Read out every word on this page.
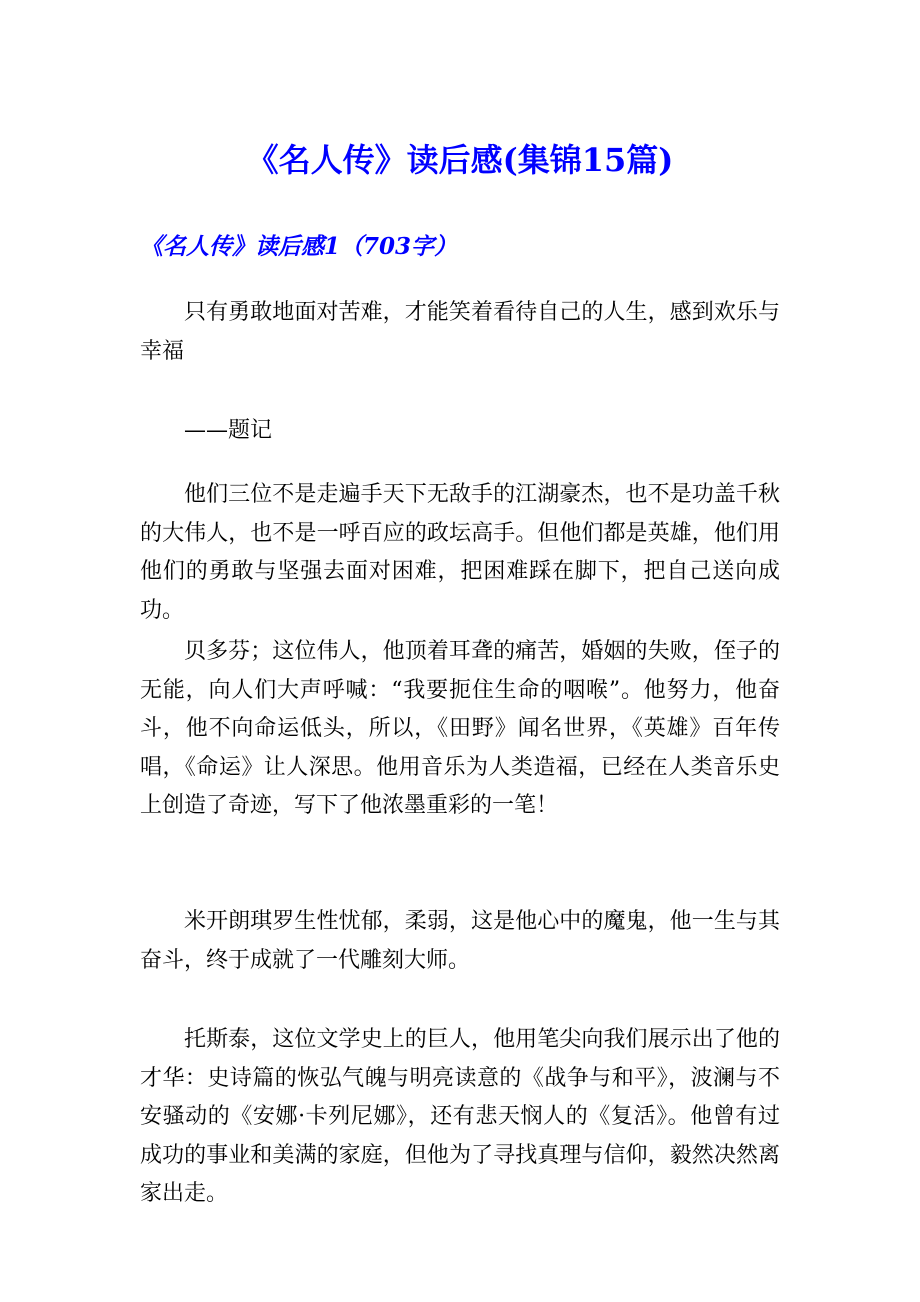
《名人传》读后感(集锦15篇)
《名人传》读后感1（703字）

只有勇敢地面对苦难，才能笑着看待自己的人生，感到欢乐与幸福

——题记

他们三位不是走遍手天下无敌手的江湖豪杰，也不是功盖千秋的大伟人，也不是一呼百应的政坛高手。但他们都是英雄，他们用他们的勇敢与坚强去面对困难，把困难踩在脚下，把自己送向成功。

贝多芬；这位伟人，他顶着耳聋的痛苦，婚姻的失败，侄子的无能，向人们大声呼喊：“我要扼住生命的咽喉”。他努力，他奋斗，他不向命运低头，所以，《田野》闻名世界，《英雄》百年传唱，《命运》让人深思。他用音乐为人类造福，已经在人类音乐史上创造了奇迹，写下了他浓墨重彩的一笔！

米开朗琪罗生性忧郁，柔弱，这是他心中的魔鬼，他一生与其奋斗，终于成就了一代雕刻大师。

托斯泰，这位文学史上的巨人，他用笔尖向我们展示出了他的才华：史诗篇的恢弘气魄与明亮读意的《战争与和平》，波澜与不安骚动的《安娜·卡列尼娜》，还有悲天悯人的《复活》。他曾有过成功的事业和美满的家庭，但他为了寻找真理与信仰，毅然决然离家出走。
